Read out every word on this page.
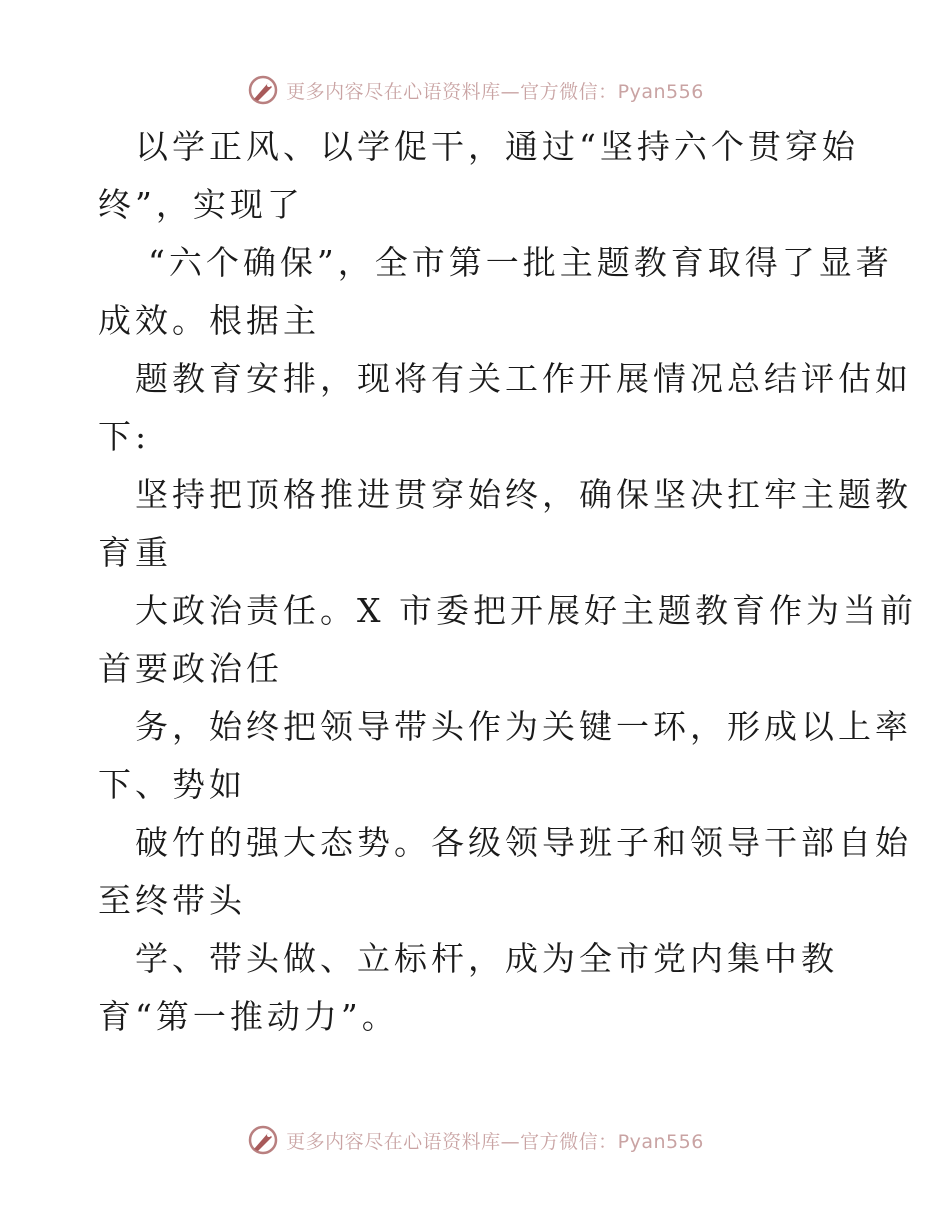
更多内容尽在心语资料库—官方微信：Pyan556
以学正风、以学促干，通过“坚持六个贯穿始
终”，实现了
“六个确保”，全市第一批主题教育取得了显著
成效。根据主
题教育安排，现将有关工作开展情况总结评估如
下:
坚持把顶格推进贯穿始终，确保坚决扛牢主题教
育重
大政治责任。X 市委把开展好主题教育作为当前
首要政治任
务，始终把领导带头作为关键一环，形成以上率
下、势如
破竹的强大态势。各级领导班子和领导干部自始
至终带头
学、带头做、立标杆，成为全市党内集中教
育“第一推动力”。
更多内容尽在心语资料库—官方微信：Pyan556
